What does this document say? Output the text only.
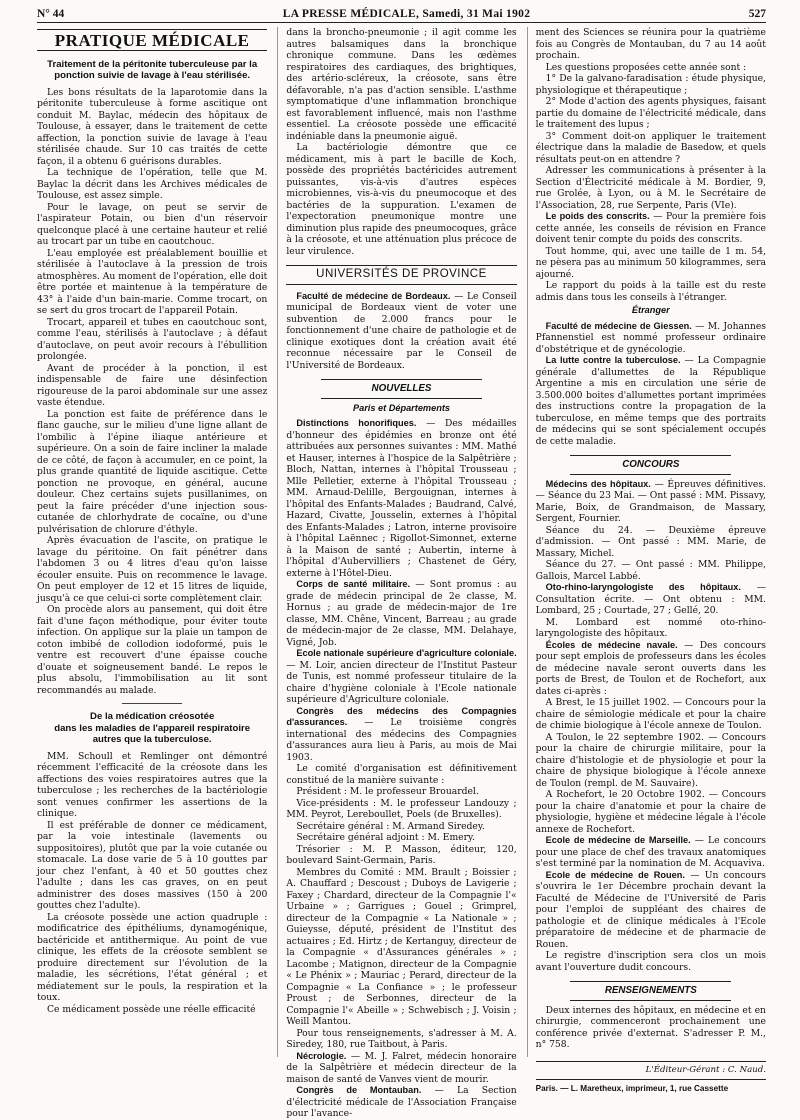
N° 44	LA PRESSE MÉDICALE, Samedi, 31 Mai 1902	527
PRATIQUE MÉDICALE
Traitement de la péritonite tuberculeuse par la ponction suivie de lavage à l'eau stérilisée.

Les bons résultats de la laparotomie dans la péritonite tuberculeuse à forme ascitique ont conduit M. Baylac, médecin des hôpitaux de Toulouse, à essayer, dans le traitement de cette affection, la ponction suivie de lavage à l'eau stérilisée chaude. Sur 10 cas traités de cette façon, il a obtenu 6 guérisons durables.

La technique de l'opération, telle que M. Baylac la décrit dans les Archives médicales de Toulouse, est assez simple.

Pour le lavage, on peut se servir de l'aspirateur Potain, ou bien d'un réservoir quelconque placé à une certaine hauteur et relié au trocart par un tube en caoutchouc.

L'eau employée est préalablement bouillie et stérilisée à l'autoclave à la pression de trois atmosphères. Au moment de l'opération, elle doit être portée et maintenue à la température de 43° à l'aide d'un bain-marie. Comme trocart, on se sert du gros trocart de l'appareil Potain.

Trocart, appareil et tubes en caoutchouc sont, comme l'eau, stérilisés à l'autoclave ; à défaut d'autoclave, on peut avoir recours à l'ébullition prolongée.

Avant de procéder à la ponction, il est indispensable de faire une désinfection rigoureuse de la paroi abdominale sur une assez vaste étendue.

La ponction est faite de préférence dans le flanc gauche, sur le milieu d'une ligne allant de l'ombilic à l'épine iliaque antérieure et supérieure. On a soin de faire incliner la malade de ce côté, de façon à accumuler, en ce point, la plus grande quantité de liquide ascitique. Cette ponction ne provoque, en général, aucune douleur. Chez certains sujets pusillanimes, on peut la faire précéder d'une injection sous-cutanée de chlorhydrate de cocaïne, ou d'une pulvérisation de chlorure d'éthyle.

Après évacuation de l'ascite, on pratique le lavage du péritoine. On fait pénétrer dans l'abdomen 3 ou 4 litres d'eau qu'on laisse écouler ensuite. Puis on recommence le lavage. On peut employer de 12 et 15 litres de liquide, jusqu'à ce que celui-ci sorte complètement clair.

On procède alors au pansement, qui doit être fait d'une façon méthodique, pour éviter toute infection. On applique sur la plaie un tampon de coton imbibé de collodion iodoformé, puis le ventre est recouvert d'une épaisse couche d'ouate et soigneusement bandé. Le repos le plus absolu, l'immobilisation au lit sont recommandés au malade.

De la médication créosotée
dans les maladies de l'appareil respiratoire
autres que la tuberculose.

MM. Schoull et Remlinger ont démontré récemment l'efficacité de la créosote dans les affections des voies respiratoires autres que la tuberculose ; les recherches de la bactériologie sont venues confirmer les assertions de la clinique.

Il est préférable de donner ce médicament, par la voie intestinale (lavements ou suppositoires), plutôt que par la voie cutanée ou stomacale. La dose varie de 5 à 10 gouttes par jour chez l'enfant, à 40 et 50 gouttes chez l'adulte ; dans les cas graves, on en peut administrer des doses massives (150 à 200 gouttes chez l'adulte).

La créosote possède une action quadruple : modificatrice des épithéliums, dynamogénique, bactéricide et antithermique. Au point de vue clinique, les effets de la créosote semblent se produire directement sur l'évolution de la maladie, les sécrétions, l'état général ; et médiatement sur le pouls, la respiration et la toux.

Ce médicament possède une réelle efficacité

dans la broncho-pneumonie ; il agit comme les autres balsamiques dans la bronchique chronique commune. Dans les œdèmes respiratoires des cardiaques, des brightiques, des artério-scléreux, la créosote, sans être défavorable, n'a pas d'action sensible. L'asthme symptomatique d'une inflammation bronchique est favorablement influencé, mais non l'asthme essentiel. La créosote possède une efficacité indéniable dans la pneumonie aiguë.

La bactériologie démontre que ce médicament, mis à part le bacille de Koch, possède des propriétés bactéricides autrement puissantes, vis-à-vis d'autres espèces microbiennes, vis-à-vis du pneumocoque et des bactéries de la suppuration. L'examen de l'expectoration pneumonique montre une diminution plus rapide des pneumocoques, grâce à la créosote, et une atténuation plus précoce de leur virulence.

UNIVERSITÉS DE PROVINCE

Faculté de médecine de Bordeaux. — Le Conseil municipal de Bordeaux vient de voter une subvention de 2.000 francs pour le fonctionnement d'une chaire de pathologie et de clinique exotiques dont la création avait été reconnue nécessaire par le Conseil de l'Université de Bordeaux.

NOUVELLES
Paris et Départements

Distinctions honorifiques. — Des médailles d'honneur des épidémies en bronze ont été attribuées aux personnes suivantes : MM. Mathé et Hauser, internes à l'hospice de la Salpêtrière ; Bloch, Nattan, internes à l'hôpital Trousseau ; Mlle Pelletier, externe à l'hôpital Trousseau ; MM. Arnaud-Delille, Bergouignan, internes à l'hôpital des Enfants-Malades ; Baudrand, Calvé, Hazard, Civatte, Jousselin, externes à l'hôpital des Enfants-Malades ; Latron, interne provisoire à l'hôpital Laënnec ; Rigollot-Simonnet, externe à la Maison de santé ; Aubertin, interne à l'hôpital d'Aubervilliers ; Chastenet de Géry, externe à l'Hôtel-Dieu.

Corps de santé militaire. — Sont promus : au grade de médecin principal de 2e classe, M. Hornus ; au grade de médecin-major de 1re classe, MM. Chêne, Vincent, Barreau ; au grade de médecin-major de 2e classe, MM. Delahaye, Vigné, Job.

Ecole nationale supérieure d'agriculture coloniale. — M. Loir, ancien directeur de l'Institut Pasteur de Tunis, est nommé professeur titulaire de la chaire d'hygiène coloniale à l'Ecole nationale supérieure d'Agriculture coloniale.

Congrès des médecins des Compagnies d'assurances. — Le troisième congrès international des médecins des Compagnies d'assurances aura lieu à Paris, au mois de Mai 1903.

Le comité d'organisation est définitivement constitué de la manière suivante :

Président : M. le professeur Brouardel.

Vice-présidents : M. le professeur Landouzy ; MM. Peyrot, Lereboullet, Poels (de Bruxelles).

Secrétaire général : M. Armand Siredey.

Secrétaire général adjoint : M. Emery.

Trésorier : M. P. Masson, éditeur, 120, boulevard Saint-Germain, Paris.

Membres du Comité : MM. Brault ; Boissier ; A. Chauffard ; Descoust ; Duboys de Lavigerie ; Faxey ; Chardard, directeur de la Compagnie l'« Urbaine » ; Garrigues ; Gouel ; Grimprel, directeur de la Compagnie « La Nationale » ; Guieysse, député, président de l'Institut des actuaires ; Ed. Hirtz ; de Kertanguy, directeur de la Compagnie « d'Assurances générales » ; Lacombe ; Matignon, directeur de la Compagnie « Le Phénix » ; Mauriac ; Perard, directeur de la Compagnie « La Confiance » ; le professeur Proust ; de Serbonnes, directeur de la Compagnie l'« Abeille » ; Schwebisch ; J. Voisin ; Weill Mantou.

Pour tous renseignements, s'adresser à M. A. Siredey, 180, rue Taitbout, à Paris.

Nécrologie. — M. J. Falret, médecin honoraire de la Salpêtrière et médecin directeur de la maison de santé de Vanves vient de mourir.

Congrès de Montauban. — La Section d'électricité médicale de l'Association Française pour l'avance-

ment des Sciences se réunira pour la quatrième fois au Congrès de Montauban, du 7 au 14 août prochain.

Les questions proposées cette année sont :

1° De la galvano-faradisation : étude physique, physiologique et thérapeutique ;

2° Mode d'action des agents physiques, faisant partie du domaine de l'électricité médicale, dans le traitement des lupus ;

3° Comment doit-on appliquer le traitement électrique dans la maladie de Basedow, et quels résultats peut-on en attendre ?

Adresser les communications à présenter à la Section d'Électricité médicale à M. Bordier, 9, rue Grolée, à Lyon, ou à M. le Secrétaire de l'Association, 28, rue Serpente, Paris (VIe).

Le poids des conscrits. — Pour la première fois cette année, les conseils de révision en France doivent tenir compte du poids des conscrits.

Tout homme, qui, avec une taille de 1 m. 54, ne pèsera pas au minimum 50 kilogrammes, sera ajourné.

Le rapport du poids à la taille est du reste admis dans tous les conseils à l'étranger.

Étranger

Faculté de médecine de Giessen. — M. Johannes Pfannenstiel est nommé professeur ordinaire d'obstétrique et de gynécologie.

La lutte contre la tuberculose. — La Compagnie générale d'allumettes de la République Argentine a mis en circulation une série de 3.500.000 boites d'allumettes portant imprimées des instructions contre la propagation de la tuberculose, en même temps que des portraits de médecins qui se sont spécialement occupés de cette maladie.

CONCOURS

Médecins des hôpitaux. — Épreuves définitives. — Séance du 23 Mai. — Ont passé : MM. Pissavy, Marie, Boix, de Grandmaison, de Massary, Sergent, Fournier.

Séance du 24. — Deuxième épreuve d'admission. — Ont passé : MM. Marie, de Massary, Michel.

Séance du 27. — Ont passé : MM. Philippe, Gallois, Marcel Labbé.

Oto-rhino-laryngologiste des hôpitaux. — Consultation écrite. — Ont obtenu : MM. Lombard, 25 ; Courtade, 27 ; Gellé, 20.

M. Lombard est nommé oto-rhino-laryngologiste des hôpitaux.

Écoles de médecine navale. — Des concours pour sept emplois de professeurs dans les écoles de médecine navale seront ouverts dans les ports de Brest, de Toulon et de Rochefort, aux dates ci-après :

A Brest, le 15 juillet 1902. — Concours pour la chaire de sémiologie médicale et pour la chaire de chimie biologique à l'école annexe de Toulon.

A Toulon, le 22 septembre 1902. — Concours pour la chaire de chirurgie militaire, pour la chaire d'histologie et de physiologie et pour la chaire de physique biologique à l'école annexe de Toulon (rempl. de M. Sauvaire).

A Rochefort, le 20 Octobre 1902. — Concours pour la chaire d'anatomie et pour la chaire de physiologie, hygiène et médecine légale à l'école annexe de Rochefort.

Ecole de médecine de Marseille. — Le concours pour une place de chef des travaux anatomiques s'est terminé par la nomination de M. Acquaviva.

Ecole de médecine de Rouen. — Un concours s'ouvrira le 1er Décembre prochain devant la Faculté de Médecine de l'Université de Paris pour l'emploi de suppléant des chaires de pathologie et de clinique médicales à l'Ecole préparatoire de médecine et de pharmacie de Rouen.

Le registre d'inscription sera clos un mois avant l'ouverture dudit concours.

RENSEIGNEMENTS

Deux internes des hôpitaux, en médecine et en chirurgie, commenceront prochainement une conférence privée d'externat. S'adresser P. M., n° 758.

L'Éditeur-Gérant : C. Naud.
Paris. — L. Maretheux, imprimeur, 1, rue Cassette
